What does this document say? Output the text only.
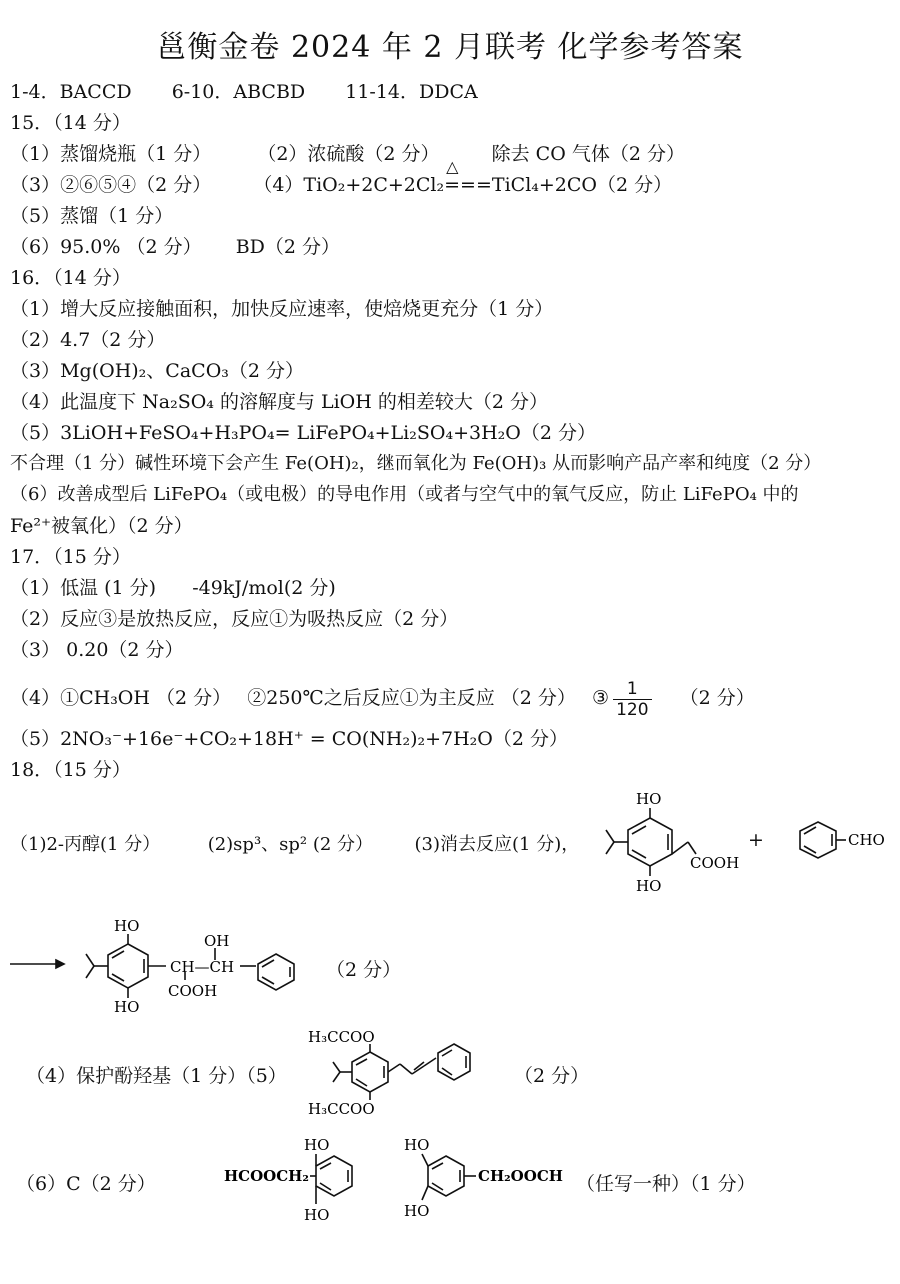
邕衡金卷 2024 年 2 月联考 化学参考答案
1-4．BACCD 6-10．ABCBD 11-14．DDCA
15．（14 分）
（1）蒸馏烧瓶（1 分） （2）浓硫酸（2 分）	除去 CO 气体（2 分）
（3）②⑥⑤④（2 分） （4）TiO₂+2C+2Cl₂
△
===TiCl₄+2CO（2 分）
（5）蒸馏（1 分）
（6）95.0% （2 分） BD（2 分）
16．（14 分）
（1）增大反应接触面积，加快反应速率，使焙烧更充分（1 分）
（2）4.7（2 分）
（3）Mg(OH)₂、CaCO₃（2 分）
（4）此温度下 Na₂SO₄ 的溶解度与 LiOH 的相差较大（2 分）
（5）3LiOH+FeSO₄+H₃PO₄= LiFePO₄+Li₂SO₄+3H₂O（2 分）
不合理（1 分）碱性环境下会产生 Fe(OH)₂，继而氧化为 Fe(OH)₃ 从而影响产品产率和纯度（2 分）
（6）改善成型后 LiFePO₄（或电极）的导电作用（或者与空气中的氧气反应，防止 LiFePO₄ 中的
Fe²⁺被氧化）（2 分）
17．（15 分）
（1）低温 (1 分) -49kJ/mol(2 分)
（2）反应③是放热反应，反应①为吸热反应（2 分）
（3） 0.20（2 分）
（4）①CH₃OH （2 分） ②250℃之后反应①为主反应 （2 分） ③ $\frac{1}{120} (2$ 分）
（5）2NO₃⁻+16e⁻+CO₂+18H⁺ = CO(NH₂)₂+7H₂O（2 分）
18．（15 分）
（1)2-丙醇(1 分）	(2)sp³、sp² (2 分） (3)消去反应(1 分)，
HO
HO
COOH
+	CHO
HO
HO
CH—CH
OH
COOH
（2 分）
（4）保护酚羟基（1 分）（5）
H₃CCOO
H₃CCOO
（2 分）
（6）C（2 分）
HO
HO
HCOOCH₂
HO
HO
CH₂OOCH （任写一种）（1 分）
